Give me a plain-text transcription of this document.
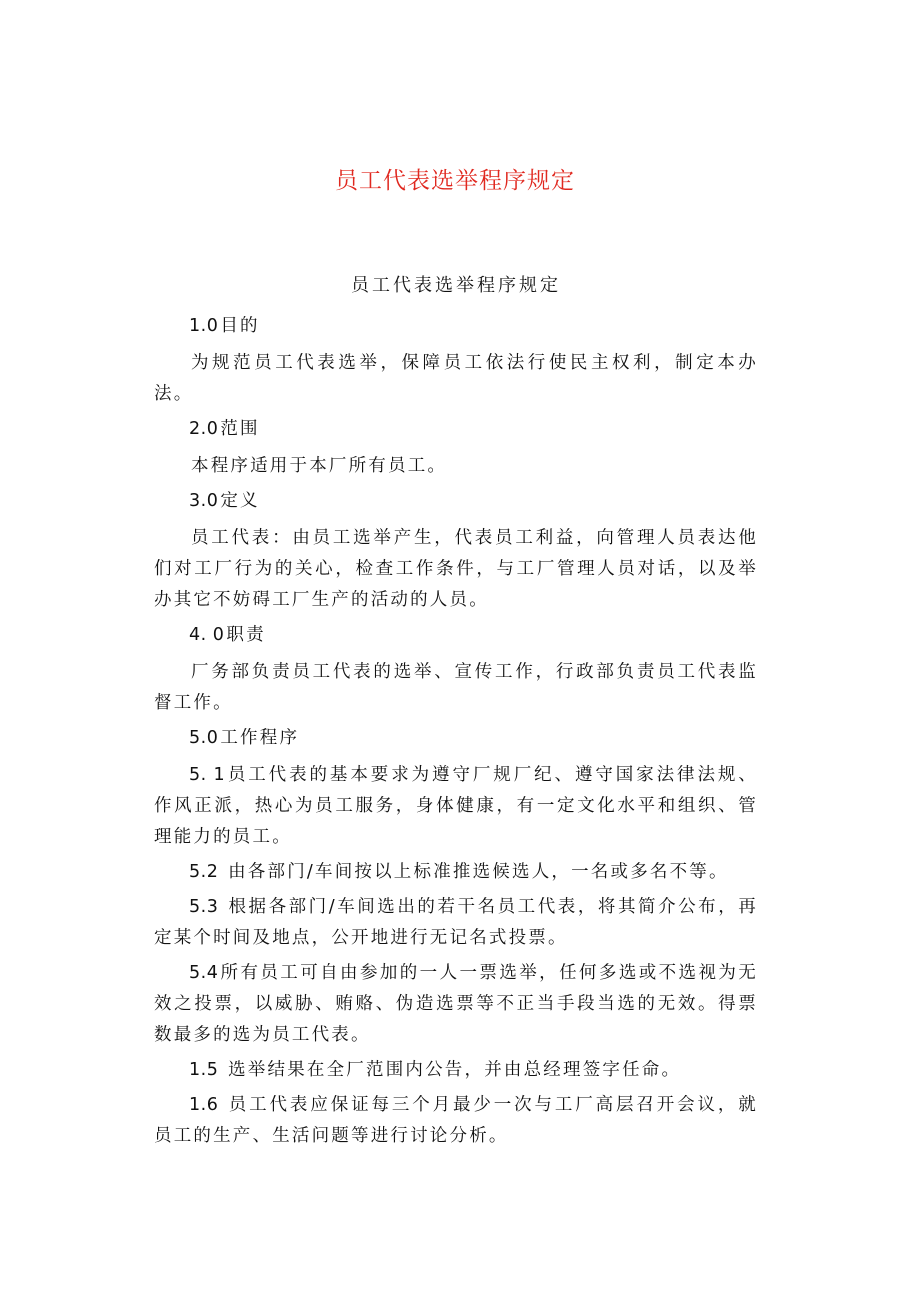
员工代表选举程序规定
员工代表选举程序规定
1.0 目的

为规范员工代表选举，保障员工依法行使民主权利，制定本办法。

2.0 范围

本程序适用于本厂所有员工。

3.0 定义

员工代表：由员工选举产生，代表员工利益，向管理人员表达他们对工厂行为的关心，检查工作条件，与工厂管理人员对话，以及举办其它不妨碍工厂生产的活动的人员。

4. 0 职责

厂务部负责员工代表的选举、宣传工作，行政部负责员工代表监督工作。

5.0 工作程序

5. 1 员工代表的基本要求为遵守厂规厂纪、遵守国家法律法规、作风正派，热心为员工服务，身体健康，有一定文化水平和组织、管理能力的员工。

5.2 由各部门/车间按以上标准推选候选人，一名或多名不等。

5.3 根据各部门/车间选出的若干名员工代表，将其简介公布，再定某个时间及地点，公开地进行无记名式投票。

5.4 所有员工可自由参加的一人一票选举，任何多选或不选视为无效之投票，以威胁、贿赂、伪造选票等不正当手段当选的无效。得票数最多的选为员工代表。

1.5 选举结果在全厂范围内公告，并由总经理签字任命。

1.6 员工代表应保证每三个月最少一次与工厂高层召开会议，就员工的生产、生活问题等进行讨论分析。
